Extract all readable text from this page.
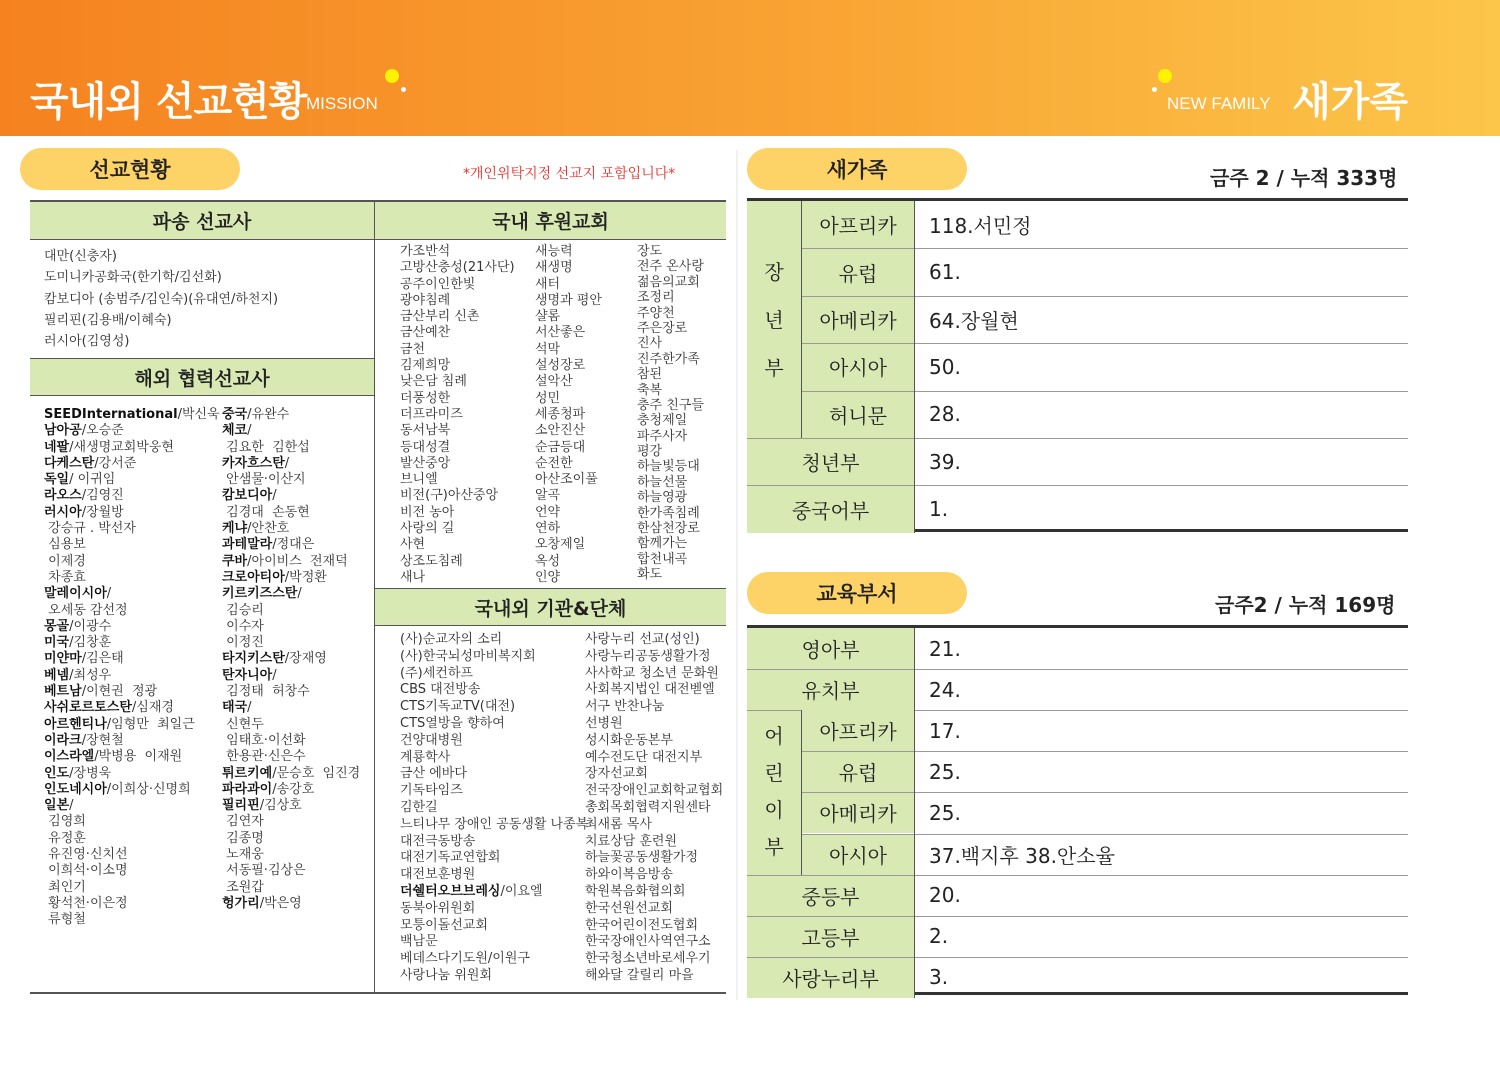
국내외 선교현황 MISSION	NEW FAMILY 새가족
선교현황	*개인위탁지정 선교지 포함입니다*
파송 선교사
대만(신충자)
도미니카공화국(한기학/김선화)
캄보디아 (송범주/김인숙)(유대연/하천지)
필리핀(김용배/이혜숙)
러시아(김영성)
해외 협력선교사
SEEDInternational/박신욱
남아공/오승준
네팔/새생명교회박웅현
다케스탄/강서준
독일/ 이귀임
라오스/김영진
러시아/장월방
강승규 . 박선자
심용보
이제경
차종효
말레이시아/
오세동 감선정
몽골/이광수
미국/김창훈
미얀마/김은태
베넴/최성우
베트남/이현권  정광
사쉬로르토스탄/심재경
아르헨티나/임형만  최일근
이라크/장현철
이스라엘/박병용  이재원
인도/장병욱
인도네시아/이희상·신명희
일본/
김영희
유정훈
유진영·신치선
이희석·이소명
최인기
황석천·이은정
류형철
중국/유완수
체코/
김요한  김한섭
카자흐스탄/
안샘물·이산지
캄보디아/
김경대  손동현
케냐/안찬호
과테말라/정대은
쿠바/아이비스  전재덕
크로아티아/박정환
키르키즈스탄/
김승리
이수자
이정진
타지키스탄/장재영
탄자니아/
김정태  허창수
태국/
신현두
임태호·이선화
한용관·신은수
튀르키예/문승호  임진경
파라과이/송강호
필리핀/김상호
김연자
김종명
노재웅
서동필·김상은
조원갑
헝가리/박은영
국내 후원교회
가조반석
고방산충성(21사단)
공주이인한빛
광야침례
금산부리 신촌
금산예찬
금천
김제희망
낮은담 침례
더풍성한
더프라미즈
동서남북
등대성결
발산중앙
브니엘
비전(구)아산중앙
비전 농아
사랑의 길
사현
상조도침례
새나
새능력
새생명
새터
생명과 평안
샬롬
서산좋은
석막
설성장로
설악산
성민
세종청파
소안진산
순금등대
순전한
아산조이풀
알곡
언약
연하
오창제일
옥성
인양
장도
전주 온사랑
젊음의교회
조정리
주양천
주은장로
진사
진주한가족
참된
축복
충주 친구들
충청제일
파주사자
평강
하늘빛등대
하늘선물
하늘영광
한가족침례
한삼천장로
함께가는
합천내곡
화도
국내외 기관&단체
(사)순교자의 소리
(사)한국뇌성마비복지회
(주)세컨하프
CBS 대전방송
CTS기독교TV(대전)
CTS열방을 향하여
건양대병원
계룡학사
금산 에바다
기독타임즈
김한길
느티나무 장애인 공동생활 나종복
대전극동방송
대전기독교연합회
대전보훈병원
더쉘터오브브레싱/이요엘
동북아위원회
모퉁이돌선교회
백남문
베데스다기도원/이원구
사랑나눔 위원회
사랑누리 선교(성인)
사랑누리공동생활가정
사사학교 청소년 문화원
사회복지법인 대전벧엘
서구 반찬나눔
선병원
성시화운동본부
예수전도단 대전지부
장자선교회
전국장애인교회학교협회
총회목회협력지원센타
최새롬 목사
치료상담 훈련원
하늘꽃공동생활가정
하와이복음방송
학원복음화협의회
한국선원선교회
한국어린이전도협회
한국장애인사역연구소
한국청소년바로세우기
해와달 갈릴리 마을
새가족	금주 2 / 누적 333명
장
년
부
아프리카	118.서민정
유럽	61.
아메리카	64.장월현
아시아	50.
허니문	28.
청년부	39.
중국어부	1.
교육부서	금주2 / 누적 169명
영아부	21.
유치부	24.
어
린
이
부
아프리카	17.
유럽	25.
아메리카	25.
아시아	37.백지후 38.안소율
중등부	20.
고등부	2.
사랑누리부	3.
